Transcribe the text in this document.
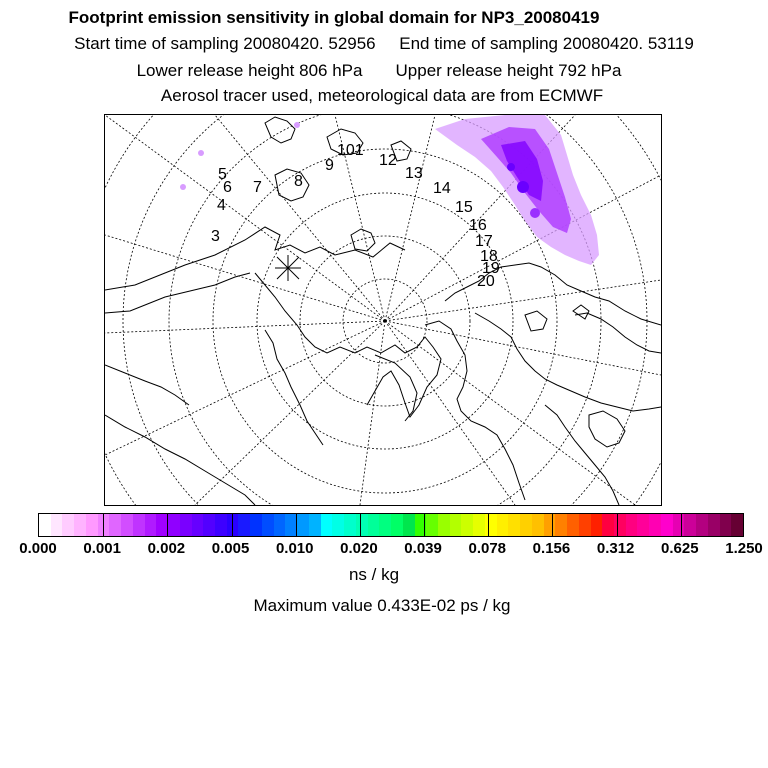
Footprint emission sensitivity in global domain for NP3_20080419
Start time of sampling 20080420. 52956 End time of sampling 20080420. 53119
Lower release height 806 hPa Upper release height 792 hPa
Aerosol tracer used, meteorological data are from ECMWF
5
6 7 8
9
101
12
13
14
15
16
17
18
19
20
4
3
0.000 0.001 0.002 0.005 0.010 0.020 0.039 0.078 0.156 0.312 0.625 1.250
ns / kg
Maximum value 0.433E-02 ps / kg
